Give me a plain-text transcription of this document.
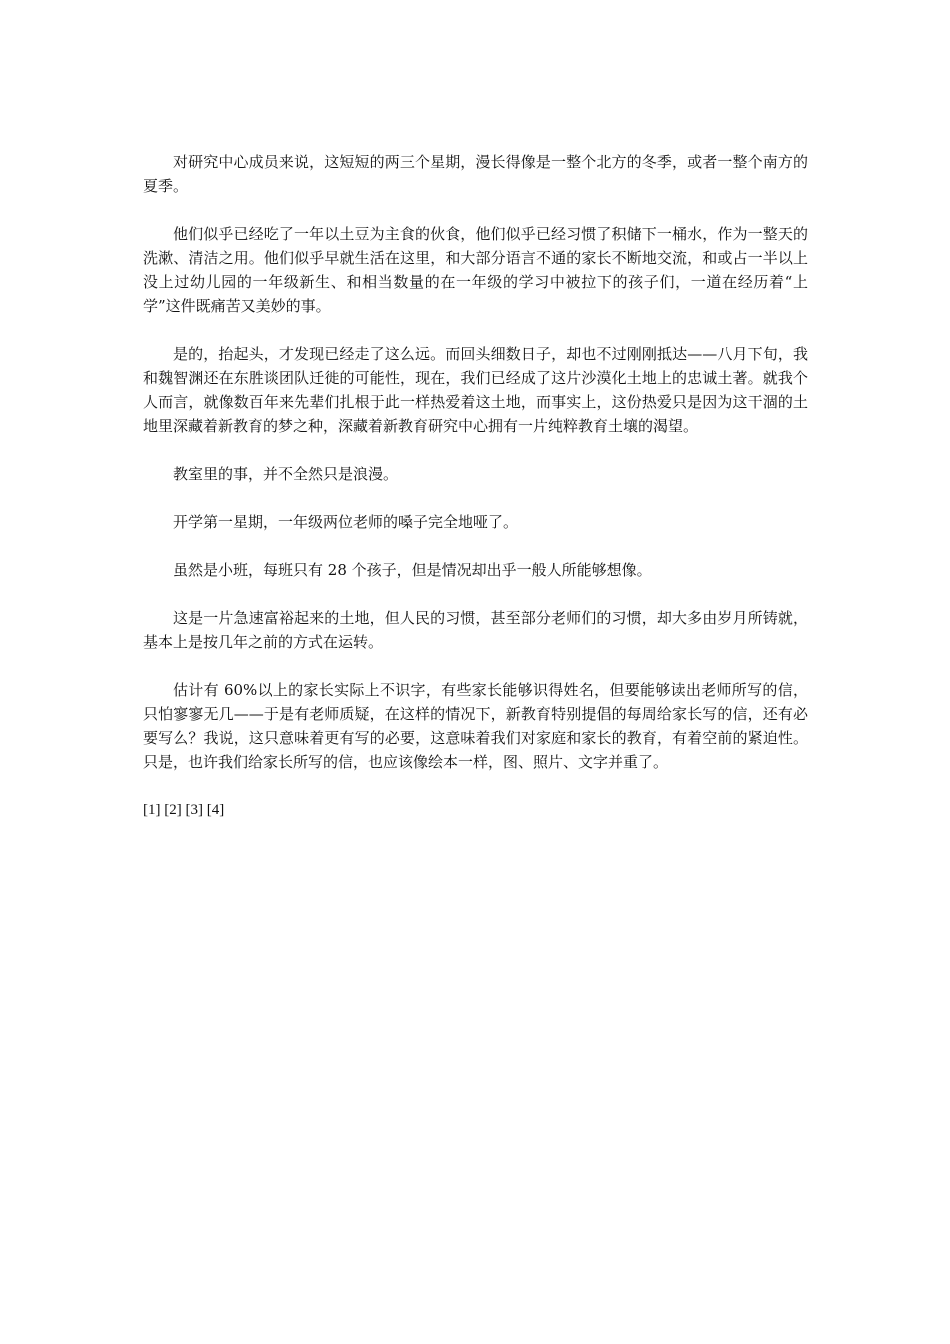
对研究中心成员来说，这短短的两三个星期，漫长得像是一整个北方的冬季，或者一整个南方的夏季。

他们似乎已经吃了一年以土豆为主食的伙食，他们似乎已经习惯了积储下一桶水，作为一整天的洗漱、清洁之用。他们似乎早就生活在这里，和大部分语言不通的家长不断地交流，和或占一半以上没上过幼儿园的一年级新生、和相当数量的在一年级的学习中被拉下的孩子们，一道在经历着“上学”这件既痛苦又美妙的事。

是的，抬起头，才发现已经走了这么远。而回头细数日子，却也不过刚刚抵达——八月下旬，我和魏智渊还在东胜谈团队迁徙的可能性，现在，我们已经成了这片沙漠化土地上的忠诚土著。就我个人而言，就像数百年来先辈们扎根于此一样热爱着这土地，而事实上，这份热爱只是因为这干涸的土地里深藏着新教育的梦之种，深藏着新教育研究中心拥有一片纯粹教育土壤的渴望。

教室里的事，并不全然只是浪漫。

开学第一星期，一年级两位老师的嗓子完全地哑了。

虽然是小班，每班只有 28 个孩子，但是情况却出乎一般人所能够想像。

这是一片急速富裕起来的土地，但人民的习惯，甚至部分老师们的习惯，却大多由岁月所铸就，基本上是按几年之前的方式在运转。

估计有 60%以上的家长实际上不识字，有些家长能够识得姓名，但要能够读出老师所写的信，只怕寥寥无几——于是有老师质疑，在这样的情况下，新教育特别提倡的每周给家长写的信，还有必要写么？我说，这只意味着更有写的必要，这意味着我们对家庭和家长的教育，有着空前的紧迫性。只是，也许我们给家长所写的信，也应该像绘本一样，图、照片、文字并重了。

[1] [2] [3] [4]
